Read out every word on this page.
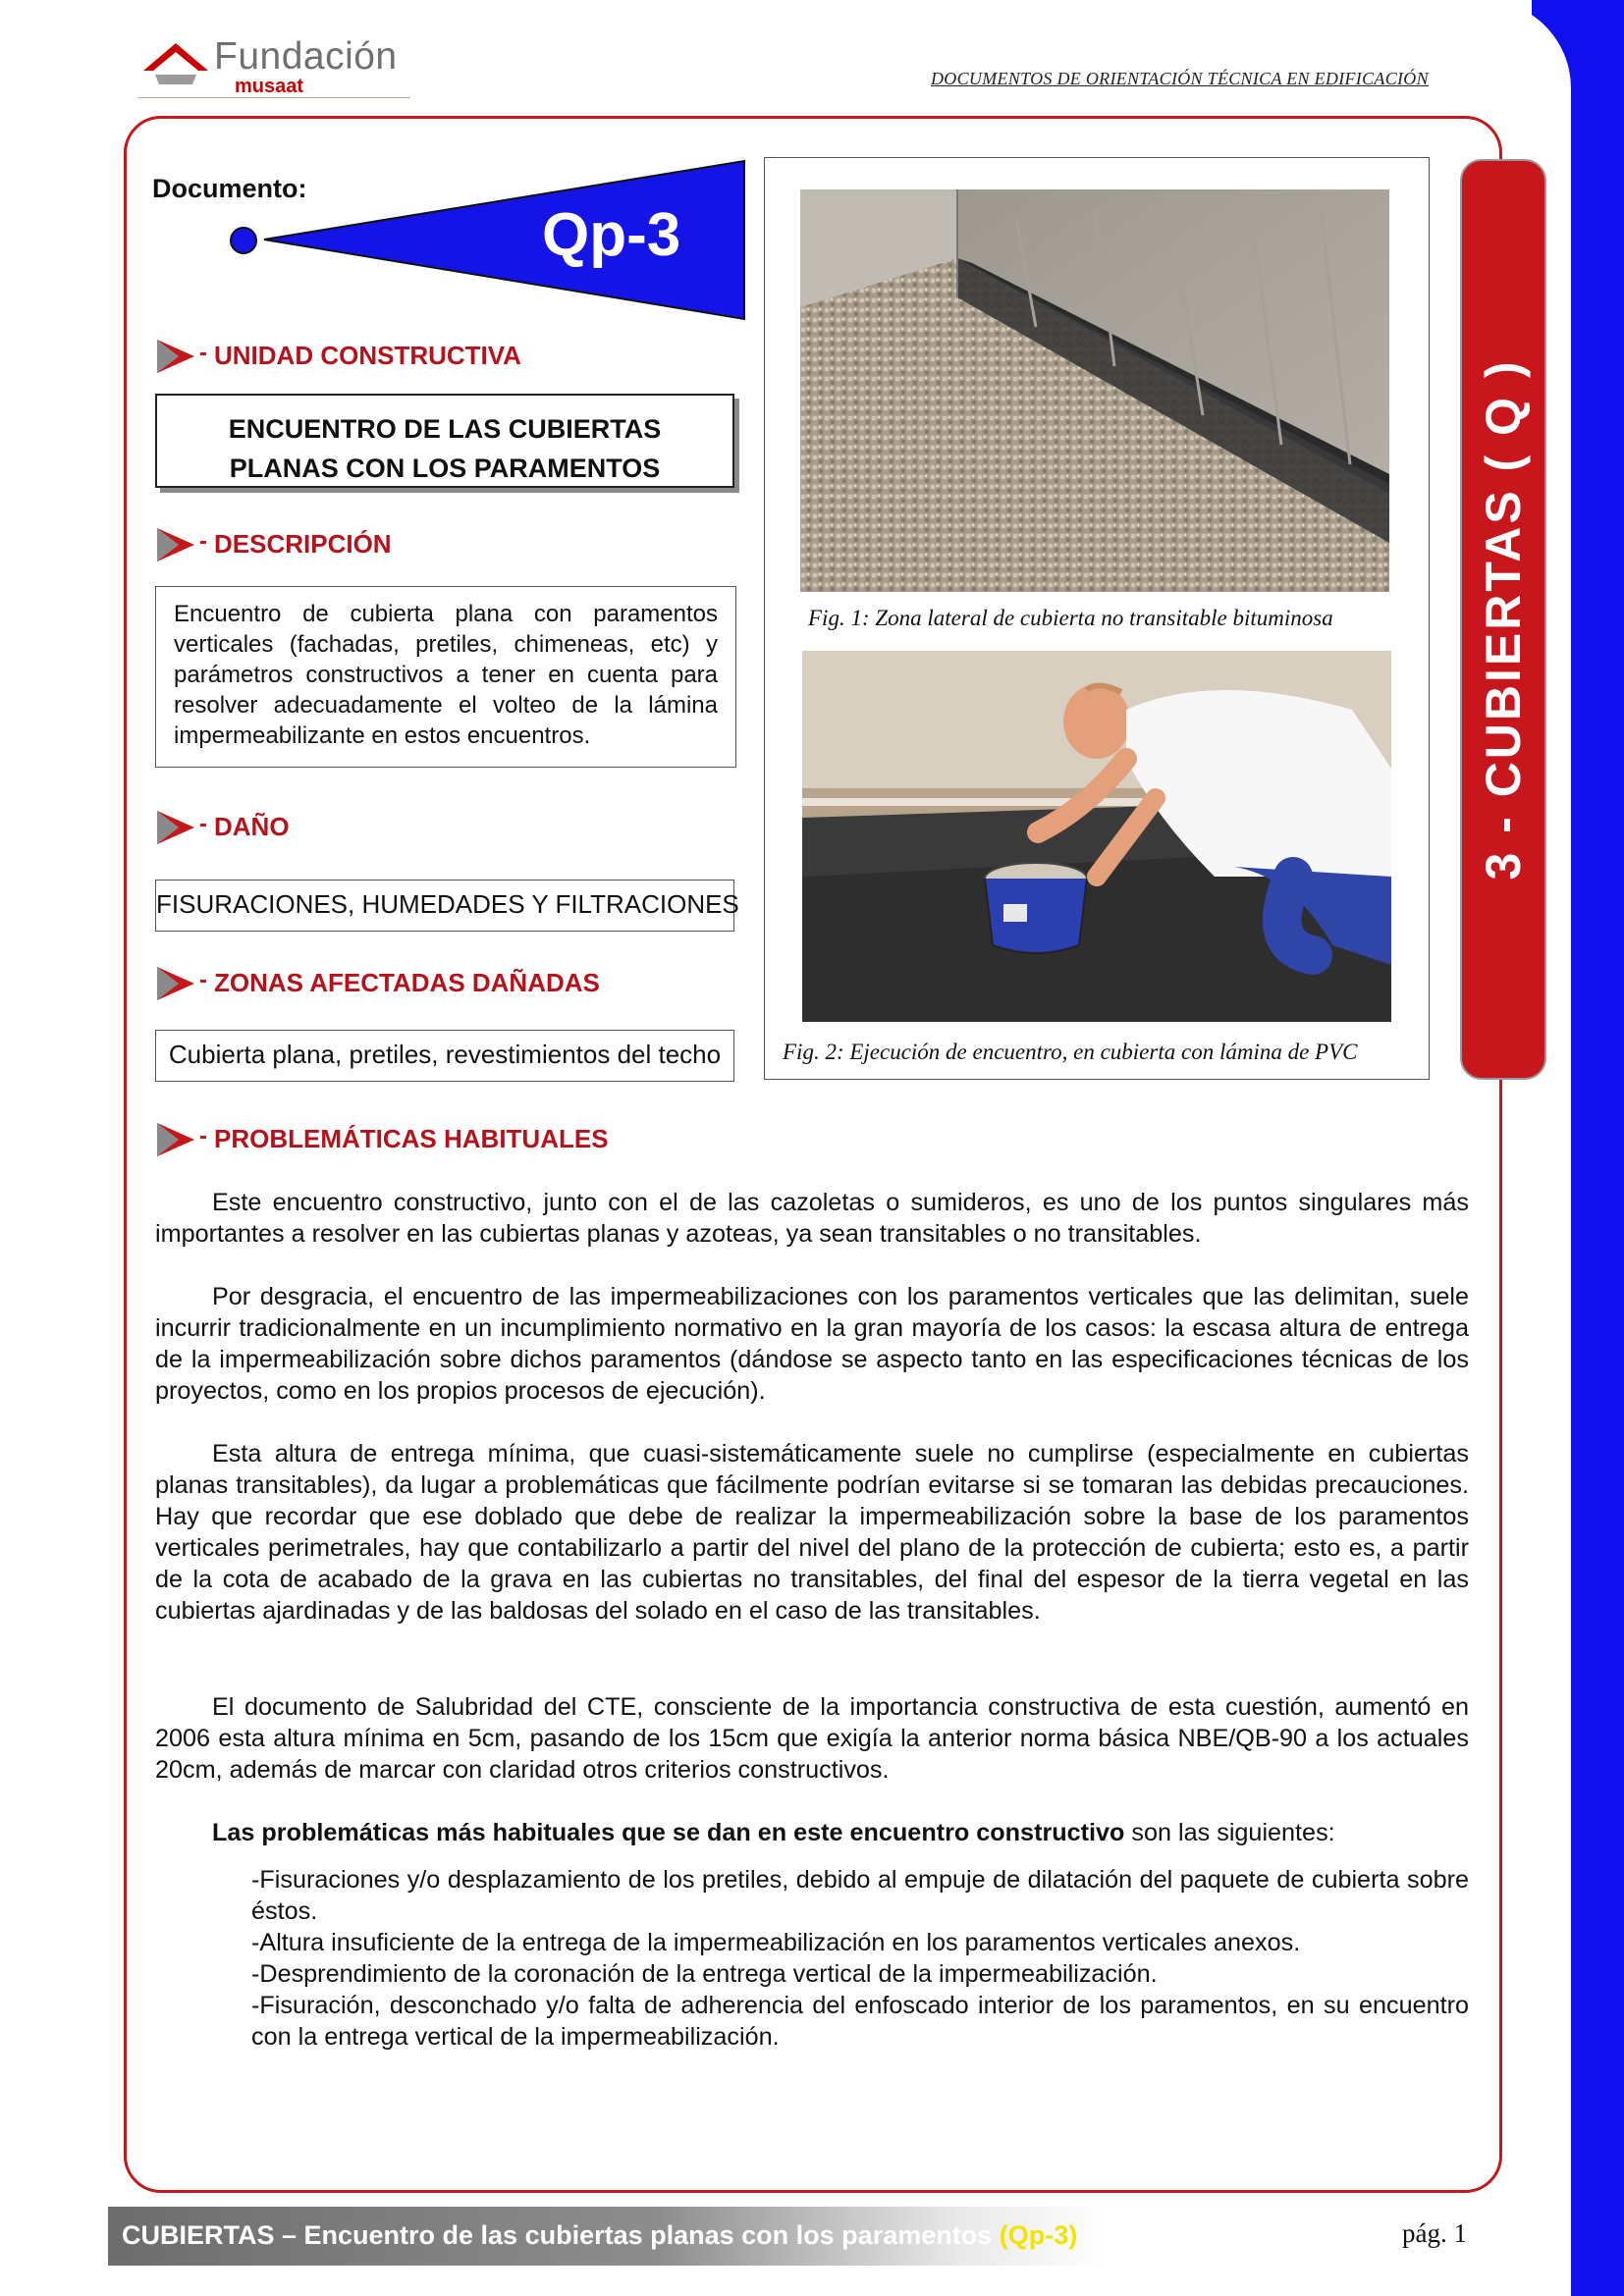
Fundación
musaat	DOCUMENTOS DE ORIENTACIÓN TÉCNICA EN EDIFICACIÓN
3 - CUBIERTAS ( Q )
Documento:
Qp-3
UNIDAD CONSTRUCTIVA
ENCUENTRO DE LAS CUBIERTAS
PLANAS CON LOS PARAMENTOS
DESCRIPCIÓN
Encuentro de cubierta plana con paramentos verticales (fachadas, pretiles, chimeneas, etc) y parámetros constructivos a tener en cuenta para resolver adecuadamente el volteo de la lámina impermeabilizante en estos encuentros.
DAÑO
FISURACIONES, HUMEDADES Y FILTRACIONES
ZONAS AFECTADAS DAÑADAS
Cubierta plana, pretiles, revestimientos del techo
Fig. 1: Zona lateral de cubierta no transitable bituminosa
Fig. 2: Ejecución de encuentro, en cubierta con lámina de PVC
PROBLEMÁTICAS HABITUALES
Este encuentro constructivo, junto con el de las cazoletas o sumideros, es uno de los puntos singulares más importantes a resolver en las cubiertas planas y azoteas, ya sean transitables o no transitables.
Por desgracia, el encuentro de las impermeabilizaciones con los paramentos verticales que las delimitan, suele incurrir tradicionalmente en un incumplimiento normativo en la gran mayoría de los casos: la escasa altura de entrega de la impermeabilización sobre dichos paramentos (dándose se aspecto tanto en las especificaciones técnicas de los proyectos, como en los propios procesos de ejecución).
Esta altura de entrega mínima, que cuasi-sistemáticamente suele no cumplirse (especialmente en cubiertas planas transitables), da lugar a problemáticas que fácilmente podrían evitarse si se tomaran las debidas precauciones. Hay que recordar que ese doblado que debe de realizar la impermeabilización sobre la base de los paramentos verticales perimetrales, hay que contabilizarlo a partir del nivel del plano de la protección de cubierta; esto es, a partir de la cota de acabado de la grava en las cubiertas no transitables, del final del espesor de la tierra vegetal en las cubiertas ajardinadas y de las baldosas del solado en el caso de las transitables.
El documento de Salubridad del CTE, consciente de la importancia constructiva de esta cuestión, aumentó en 2006 esta altura mínima en 5cm, pasando de los 15cm que exigía la anterior norma básica NBE/QB-90 a los actuales 20cm, además de marcar con claridad otros criterios constructivos.
Las problemáticas más habituales que se dan en este encuentro constructivo son las siguientes:
-Fisuraciones y/o desplazamiento de los pretiles, debido al empuje de dilatación del paquete de cubierta sobre éstos.
-Altura insuficiente de la entrega de la impermeabilización en los paramentos verticales anexos.
-Desprendimiento de la coronación de la entrega vertical de la impermeabilización.
-Fisuración, desconchado y/o falta de adherencia del enfoscado interior de los paramentos, en su encuentro con la entrega vertical de la impermeabilización.
CUBIERTAS – Encuentro de las cubiertas planas con los paramentos (Qp-3)	pág. 1
